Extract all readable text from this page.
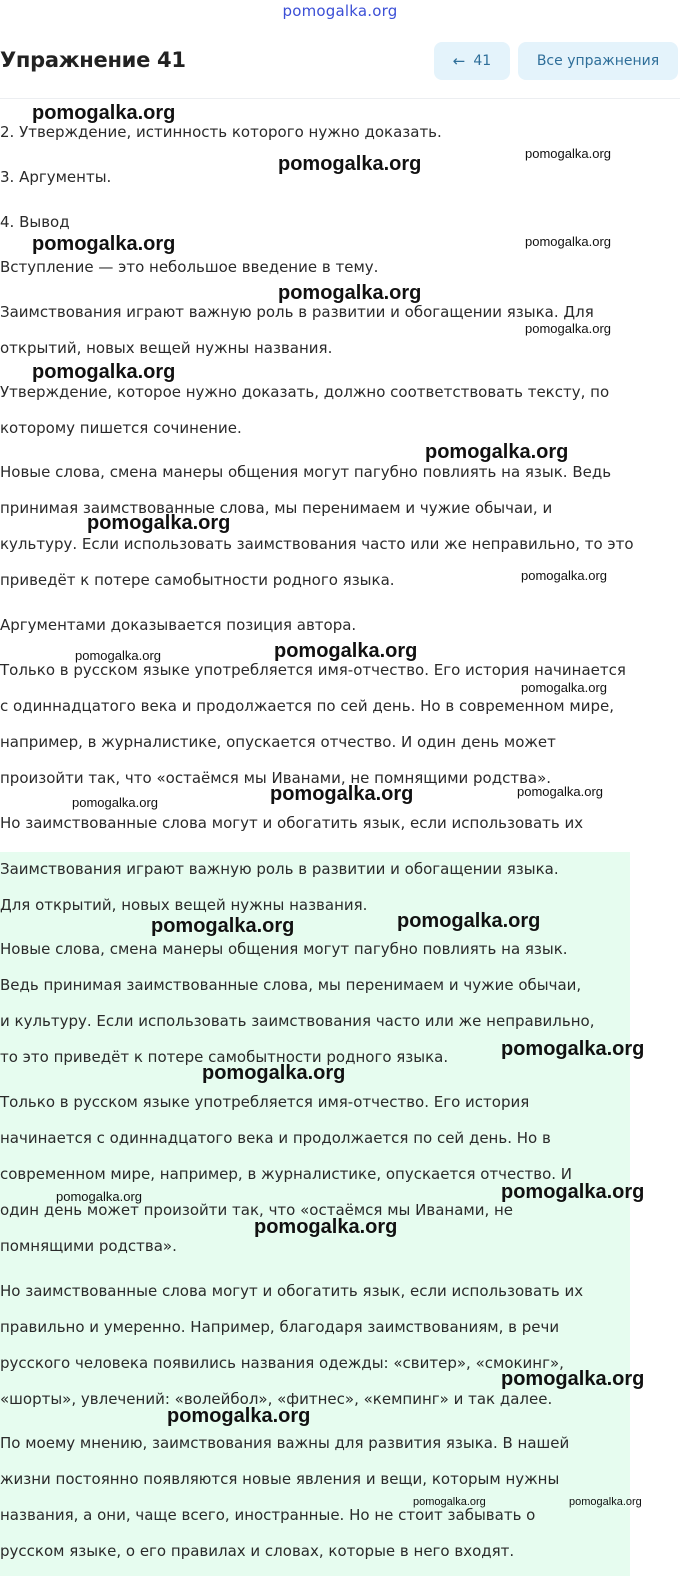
pomogalka.org
Упражнение 41	← 41	Все упражнения

2. Утверждение, истинность которого нужно доказать.

3. Аргументы.

4. Вывод

Вступление — это небольшое введение в тему.

Заимствования играют важную роль в развитии и обогащении языка. Для

открытий, новых вещей нужны названия.

Утверждение, которое нужно доказать, должно соответствовать тексту, по

которому пишется сочинение.

Новые слова, смена манеры общения могут пагубно повлиять на язык. Ведь

принимая заимствованные слова, мы перенимаем и чужие обычаи, и

культуру. Если использовать заимствования часто или же неправильно, то это

приведёт к потере самобытности родного языка.

Аргументами доказывается позиция автора.

Только в русском языке употребляется имя-отчество. Его история начинается

с одиннадцатого века и продолжается по сей день. Но в современном мире,

например, в журналистике, опускается отчество. И один день может

произойти так, что «остаёмся мы Иванами, не помнящими родства».

Но заимствованные слова могут и обогатить язык, если использовать их

Заимствования играют важную роль в развитии и обогащении языка.

Для открытий, новых вещей нужны названия.

Новые слова, смена манеры общения могут пагубно повлиять на язык.

Ведь принимая заимствованные слова, мы перенимаем и чужие обычаи,

и культуру. Если использовать заимствования часто или же неправильно,

то это приведёт к потере самобытности родного языка.

Только в русском языке употребляется имя-отчество. Его история

начинается с одиннадцатого века и продолжается по сей день. Но в

современном мире, например, в журналистике, опускается отчество. И

один день может произойти так, что «остаёмся мы Иванами, не

помнящими родства».

Но заимствованные слова могут и обогатить язык, если использовать их

правильно и умеренно. Например, благодаря заимствованиям, в речи

русского человека появились названия одежды: «свитер», «смокинг»,

«шорты», увлечений: «волейбол», «фитнес», «кемпинг» и так далее.

По моему мнению, заимствования важны для развития языка. В нашей

жизни постоянно появляются новые явления и вещи, которым нужны

названия, а они, чаще всего, иностранные. Но не стоит забывать о

русском языке, о его правилах и словах, которые в него входят.

pomogalka.org
pomogalka.org	pomogalka.org
pomogalka.org	pomogalka.org
pomogalka.org
pomogalka.org
pomogalka.org
pomogalka.org
pomogalka.org
pomogalka.org
pomogalka.org
pomogalka.org
pomogalka.org
pomogalka.org
pomogalka.org
pomogalka.org
pomogalka.org	pomogalka.org
pomogalka.org
pomogalka.org
pomogalka.org	pomogalka.org
pomogalka.org
pomogalka.org
pomogalka.org
pomogalka.org	pomogalka.org
